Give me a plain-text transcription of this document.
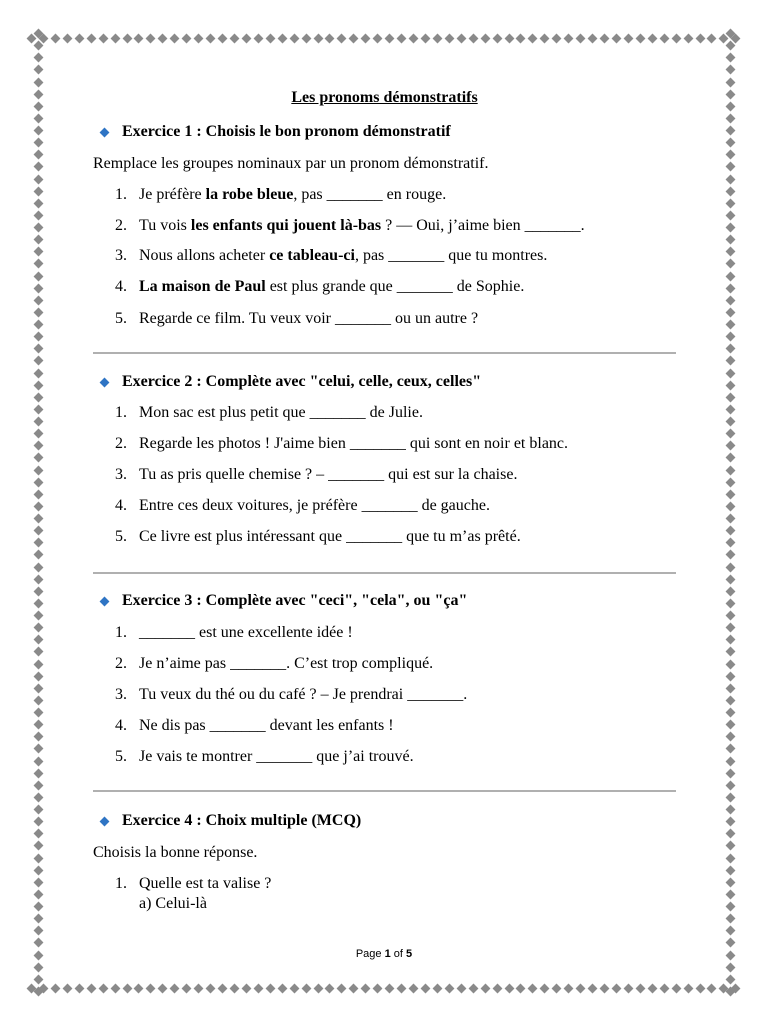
Les pronoms démonstratifs
Exercice 1 : Choisis le bon pronom démonstratif
Remplace les groupes nominaux par un pronom démonstratif.
1. Je préfère la robe bleue, pas _______ en rouge.
2. Tu vois les enfants qui jouent là-bas ? — Oui, j’aime bien _______.
3. Nous allons acheter ce tableau-ci, pas _______ que tu montres.
4. La maison de Paul est plus grande que _______ de Sophie.
5. Regarde ce film. Tu veux voir _______ ou un autre ?
Exercice 2 : Complète avec "celui, celle, ceux, celles"
1. Mon sac est plus petit que _______ de Julie.
2. Regarde les photos ! J'aime bien _______ qui sont en noir et blanc.
3. Tu as pris quelle chemise ? – _______ qui est sur la chaise.
4. Entre ces deux voitures, je préfère _______ de gauche.
5. Ce livre est plus intéressant que _______ que tu m’as prêté.
Exercice 3 : Complète avec "ceci", "cela", ou "ça"
1. _______ est une excellente idée !
2. Je n’aime pas _______. C’est trop compliqué.
3. Tu veux du thé ou du café ? – Je prendrai _______.
4. Ne dis pas _______ devant les enfants !
5. Je vais te montrer _______ que j’ai trouvé.
Exercice 4 : Choix multiple (MCQ)
Choisis la bonne réponse.
1. Quelle est ta valise ?
a) Celui-là
Page 1 of 5
